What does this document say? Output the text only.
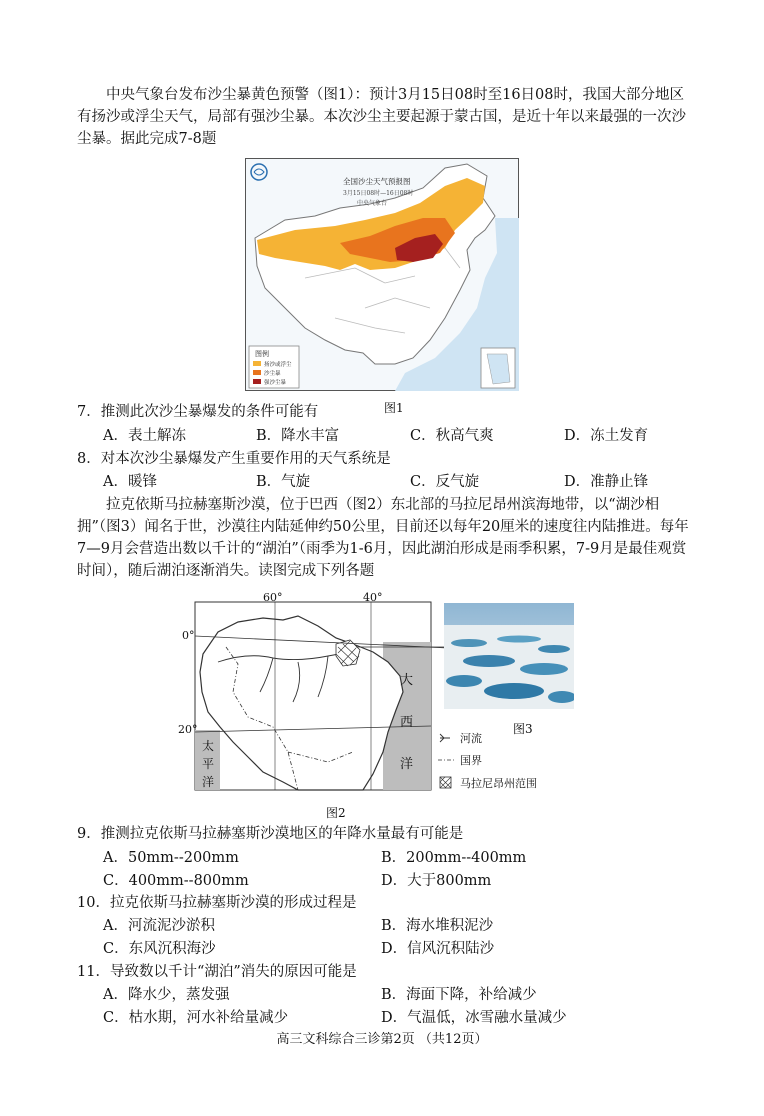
中央气象台发布沙尘暴黄色预警（图1）：预计3月15日08时至16日08时，我国大部分地区有扬沙或浮尘天气，局部有强沙尘暴。本次沙尘主要起源于蒙古国，是近十年以来最强的一次沙尘暴。据此完成7-8题
全国沙尘天气预报图
3月15日08时—16日08时
中央气象台
图例
扬沙或浮尘
沙尘暴
强沙尘暴
图1
7．推测此次沙尘暴爆发的条件可能有
A．表土解冻	B．降水丰富	C．秋高气爽	D．冻土发育
8．对本次沙尘暴爆发产生重要作用的天气系统是
A．暖锋	B．气旋	C．反气旋	D．准静止锋
拉克依斯马拉赫塞斯沙漠，位于巴西（图2）东北部的马拉尼昂州滨海地带，以“湖沙相拥”（图3）闻名于世，沙漠往内陆延伸约50公里，目前还以每年20厘米的速度往内陆推进。每年7—9月会营造出数以千计的“湖泊”（雨季为1-6月，因此湖泊形成是雨季积累，7-9月是最佳观赏时间），随后湖泊逐渐消失。读图完成下列各题
60°	40°
0°
20°
大
西
洋
太
平
洋
河流
国界
马拉尼昂州范围
图2
图3
9．推测拉克依斯马拉赫塞斯沙漠地区的年降水量最有可能是
A．50mm--200mm	B．200mm--400mm
C．400mm--800mm	D．大于800mm
10．拉克依斯马拉赫塞斯沙漠的形成过程是
A．河流泥沙淤积	B．海水堆积泥沙
C．东风沉积海沙	D．信风沉积陆沙
11．导致数以千计“湖泊”消失的原因可能是
A．降水少，蒸发强	B．海面下降，补给减少
C．枯水期，河水补给量减少	D．气温低，冰雪融水量减少
高三文科综合三诊第2页 （共12页）
